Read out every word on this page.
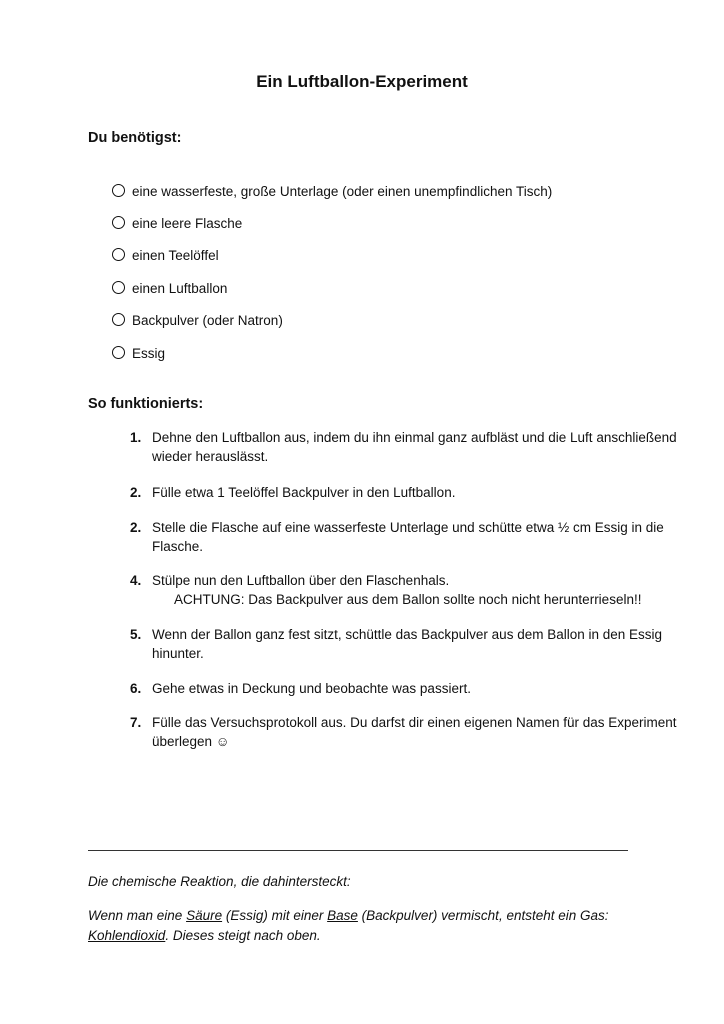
Ein Luftballon-Experiment
Du benötigst:
eine wasserfeste, große Unterlage (oder einen unempfindlichen Tisch)
eine leere Flasche
einen Teelöffel
einen Luftballon
Backpulver (oder Natron)
Essig
So funktionierts:
1. Dehne den Luftballon aus, indem du ihn einmal ganz aufbläst und die Luft anschließend wieder herauslässt.
2. Fülle etwa 1 Teelöffel Backpulver in den Luftballon.
2. Stelle die Flasche auf eine wasserfeste Unterlage und schütte etwa ½ cm Essig in die Flasche.
4. Stülpe nun den Luftballon über den Flaschenhals.
ACHTUNG: Das Backpulver aus dem Ballon sollte noch nicht herunterrieseln!!
5. Wenn der Ballon ganz fest sitzt, schüttle das Backpulver aus dem Ballon in den Essig hinunter.
6. Gehe etwas in Deckung und beobachte was passiert.
7. Fülle das Versuchsprotokoll aus. Du darfst dir einen eigenen Namen für das Experiment überlegen ☺
Die chemische Reaktion, die dahintersteckt:
Wenn man eine Säure (Essig) mit einer Base (Backpulver) vermischt, entsteht ein Gas: Kohlendioxid. Dieses steigt nach oben.
